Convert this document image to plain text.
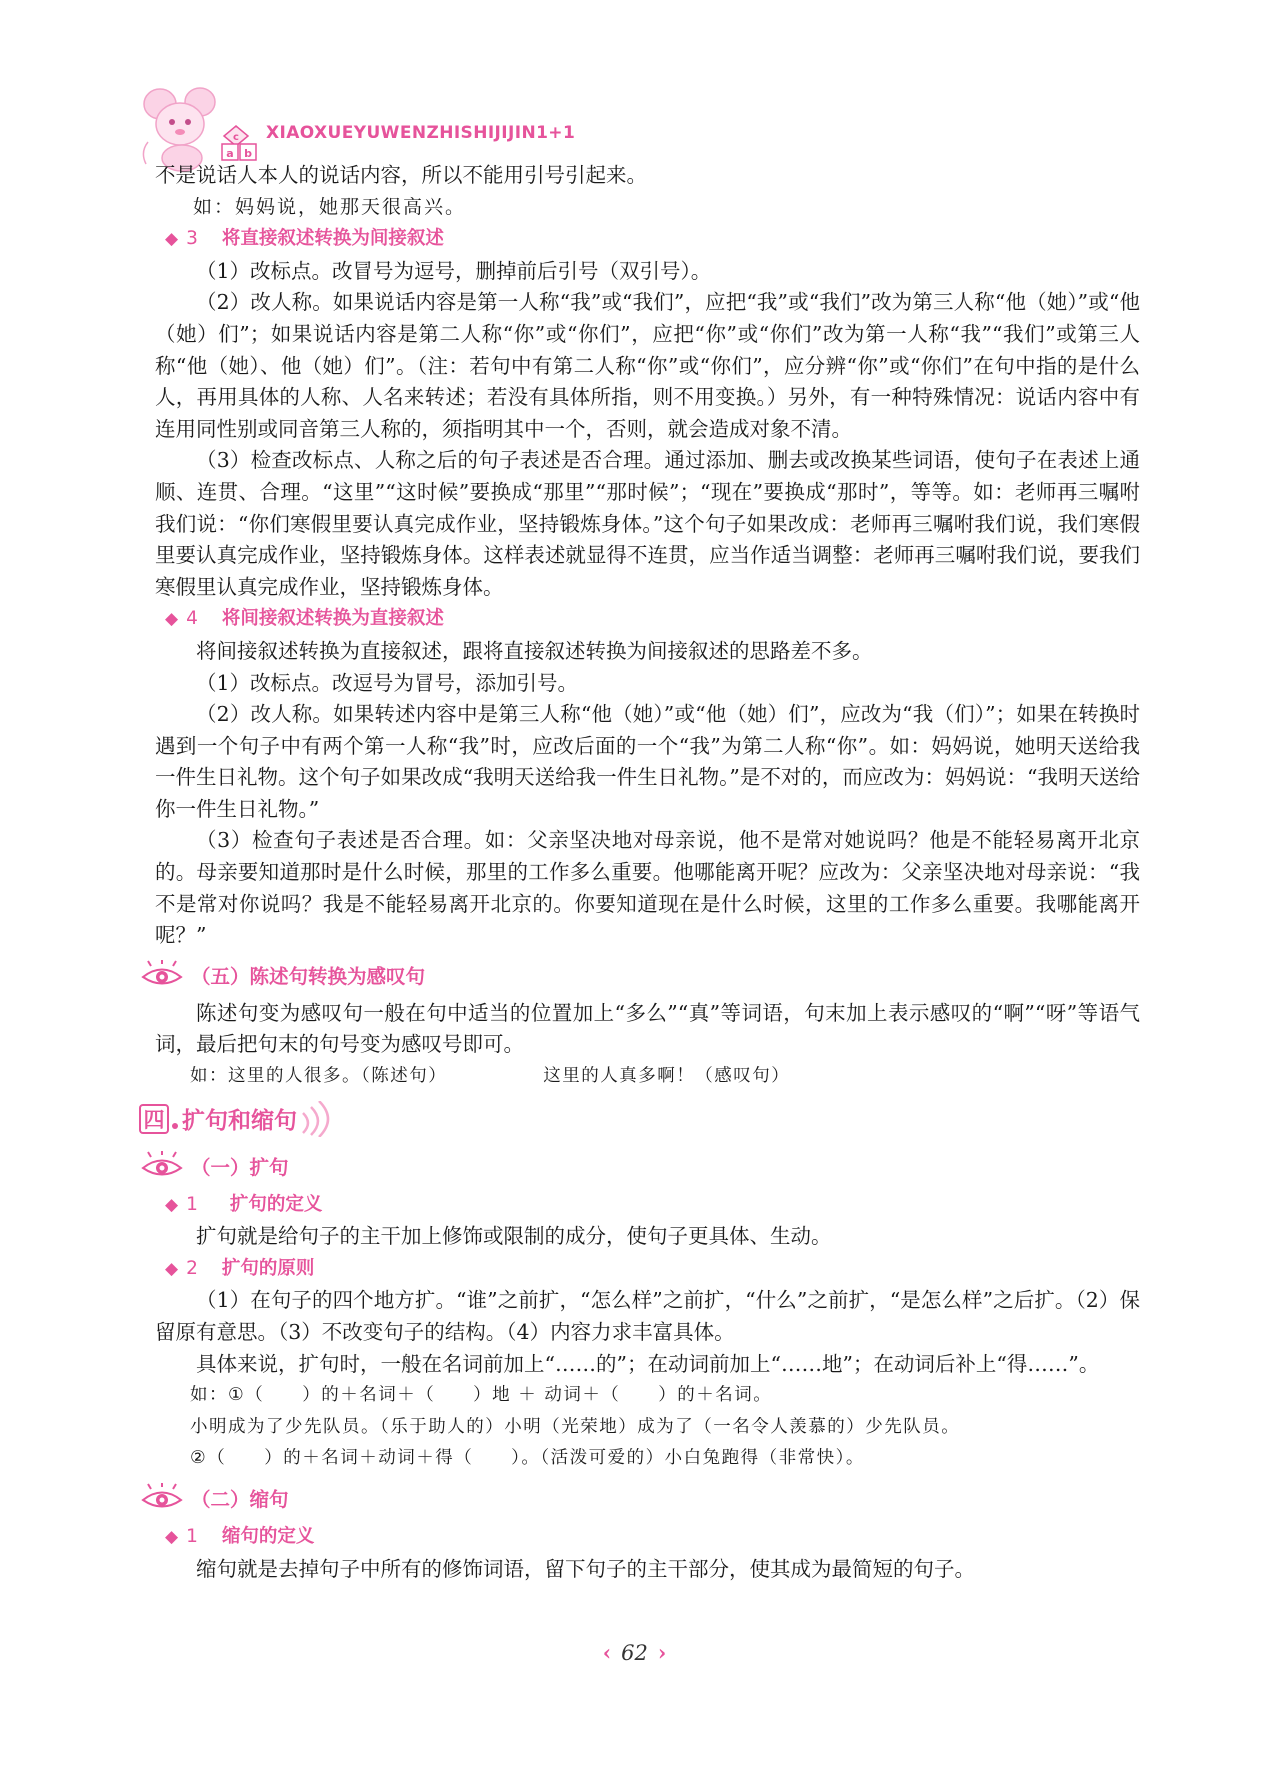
a b
c XIAOXUEYUWENZHISHIJIJIN1+1

不是说话人本人的说话内容，所以不能用引号引起来。

如：妈妈说，她那天很高兴。

◆ 3 将直接叙述转换为间接叙述

（1）改标点。改冒号为逗号，删掉前后引号（双引号）。

（2）改人称。如果说话内容是第一人称“我”或“我们”，应把“我”或“我们”改为第三人称“他（她）”或“他（她）们”；如果说话内容是第二人称“你”或“你们”，应把“你”或“你们”改为第一人称“我”“我们”或第三人称“他（她）、他（她）们”。（注：若句中有第二人称“你”或“你们”，应分辨“你”或“你们”在句中指的是什么人，再用具体的人称、人名来转述；若没有具体所指，则不用变换。）另外，有一种特殊情况：说话内容中有连用同性别或同音第三人称的，须指明其中一个，否则，就会造成对象不清。

（3）检查改标点、人称之后的句子表述是否合理。通过添加、删去或改换某些词语，使句子在表述上通顺、连贯、合理。“这里”“这时候”要换成“那里”“那时候”；“现在”要换成“那时”，等等。如：老师再三嘱咐我们说：“你们寒假里要认真完成作业，坚持锻炼身体。”这个句子如果改成：老师再三嘱咐我们说，我们寒假里要认真完成作业，坚持锻炼身体。这样表述就显得不连贯，应当作适当调整：老师再三嘱咐我们说，要我们寒假里认真完成作业，坚持锻炼身体。

◆ 4 将间接叙述转换为直接叙述

将间接叙述转换为直接叙述，跟将直接叙述转换为间接叙述的思路差不多。

（1）改标点。改逗号为冒号，添加引号。

（2）改人称。如果转述内容中是第三人称“他（她）”或“他（她）们”，应改为“我（们）”；如果在转换时遇到一个句子中有两个第一人称“我”时，应改后面的一个“我”为第二人称“你”。如：妈妈说，她明天送给我一件生日礼物。这个句子如果改成“我明天送给我一件生日礼物。”是不对的，而应改为：妈妈说：“我明天送给你一件生日礼物。”

（3）检查句子表述是否合理。如：父亲坚决地对母亲说，他不是常对她说吗？他是不能轻易离开北京的。母亲要知道那时是什么时候，那里的工作多么重要。他哪能离开呢？应改为：父亲坚决地对母亲说：“我不是常对你说吗？我是不能轻易离开北京的。你要知道现在是什么时候，这里的工作多么重要。我哪能离开呢？”

（五）陈述句转换为感叹句

陈述句变为感叹句一般在句中适当的位置加上“多么”“真”等词语，句末加上表示感叹的“啊”“呀”等语气词，最后把句末的句号变为感叹号即可。

如：这里的人很多。（陈述句）	这里的人真多啊！（感叹句）

四 扩句和缩句
（一）扩句
◆ 1 扩句的定义

扩句就是给句子的主干加上修饰或限制的成分，使句子更具体、生动。

◆ 2 扩句的原则

（1）在句子的四个地方扩。“谁”之前扩，“怎么样”之前扩，“什么”之前扩，“是怎么样”之后扩。（2）保留原有意思。（3）不改变句子的结构。（4）内容力求丰富具体。

具体来说，扩句时，一般在名词前加上“……的”；在动词前加上“……地”；在动词后补上“得……”。

如：①（　　）的＋名词＋（　　）地 ＋ 动词＋（　　）的＋名词。

小明成为了少先队员。（乐于助人的）小明（光荣地）成为了（一名令人羡慕的）少先队员。

②（　　）的＋名词＋动词＋得（　　）。（活泼可爱的）小白兔跑得（非常快）。

（二）缩句
◆ 1 缩句的定义

缩句就是去掉句子中所有的修饰词语，留下句子的主干部分，使其成为最简短的句子。

‹ 62 ›
